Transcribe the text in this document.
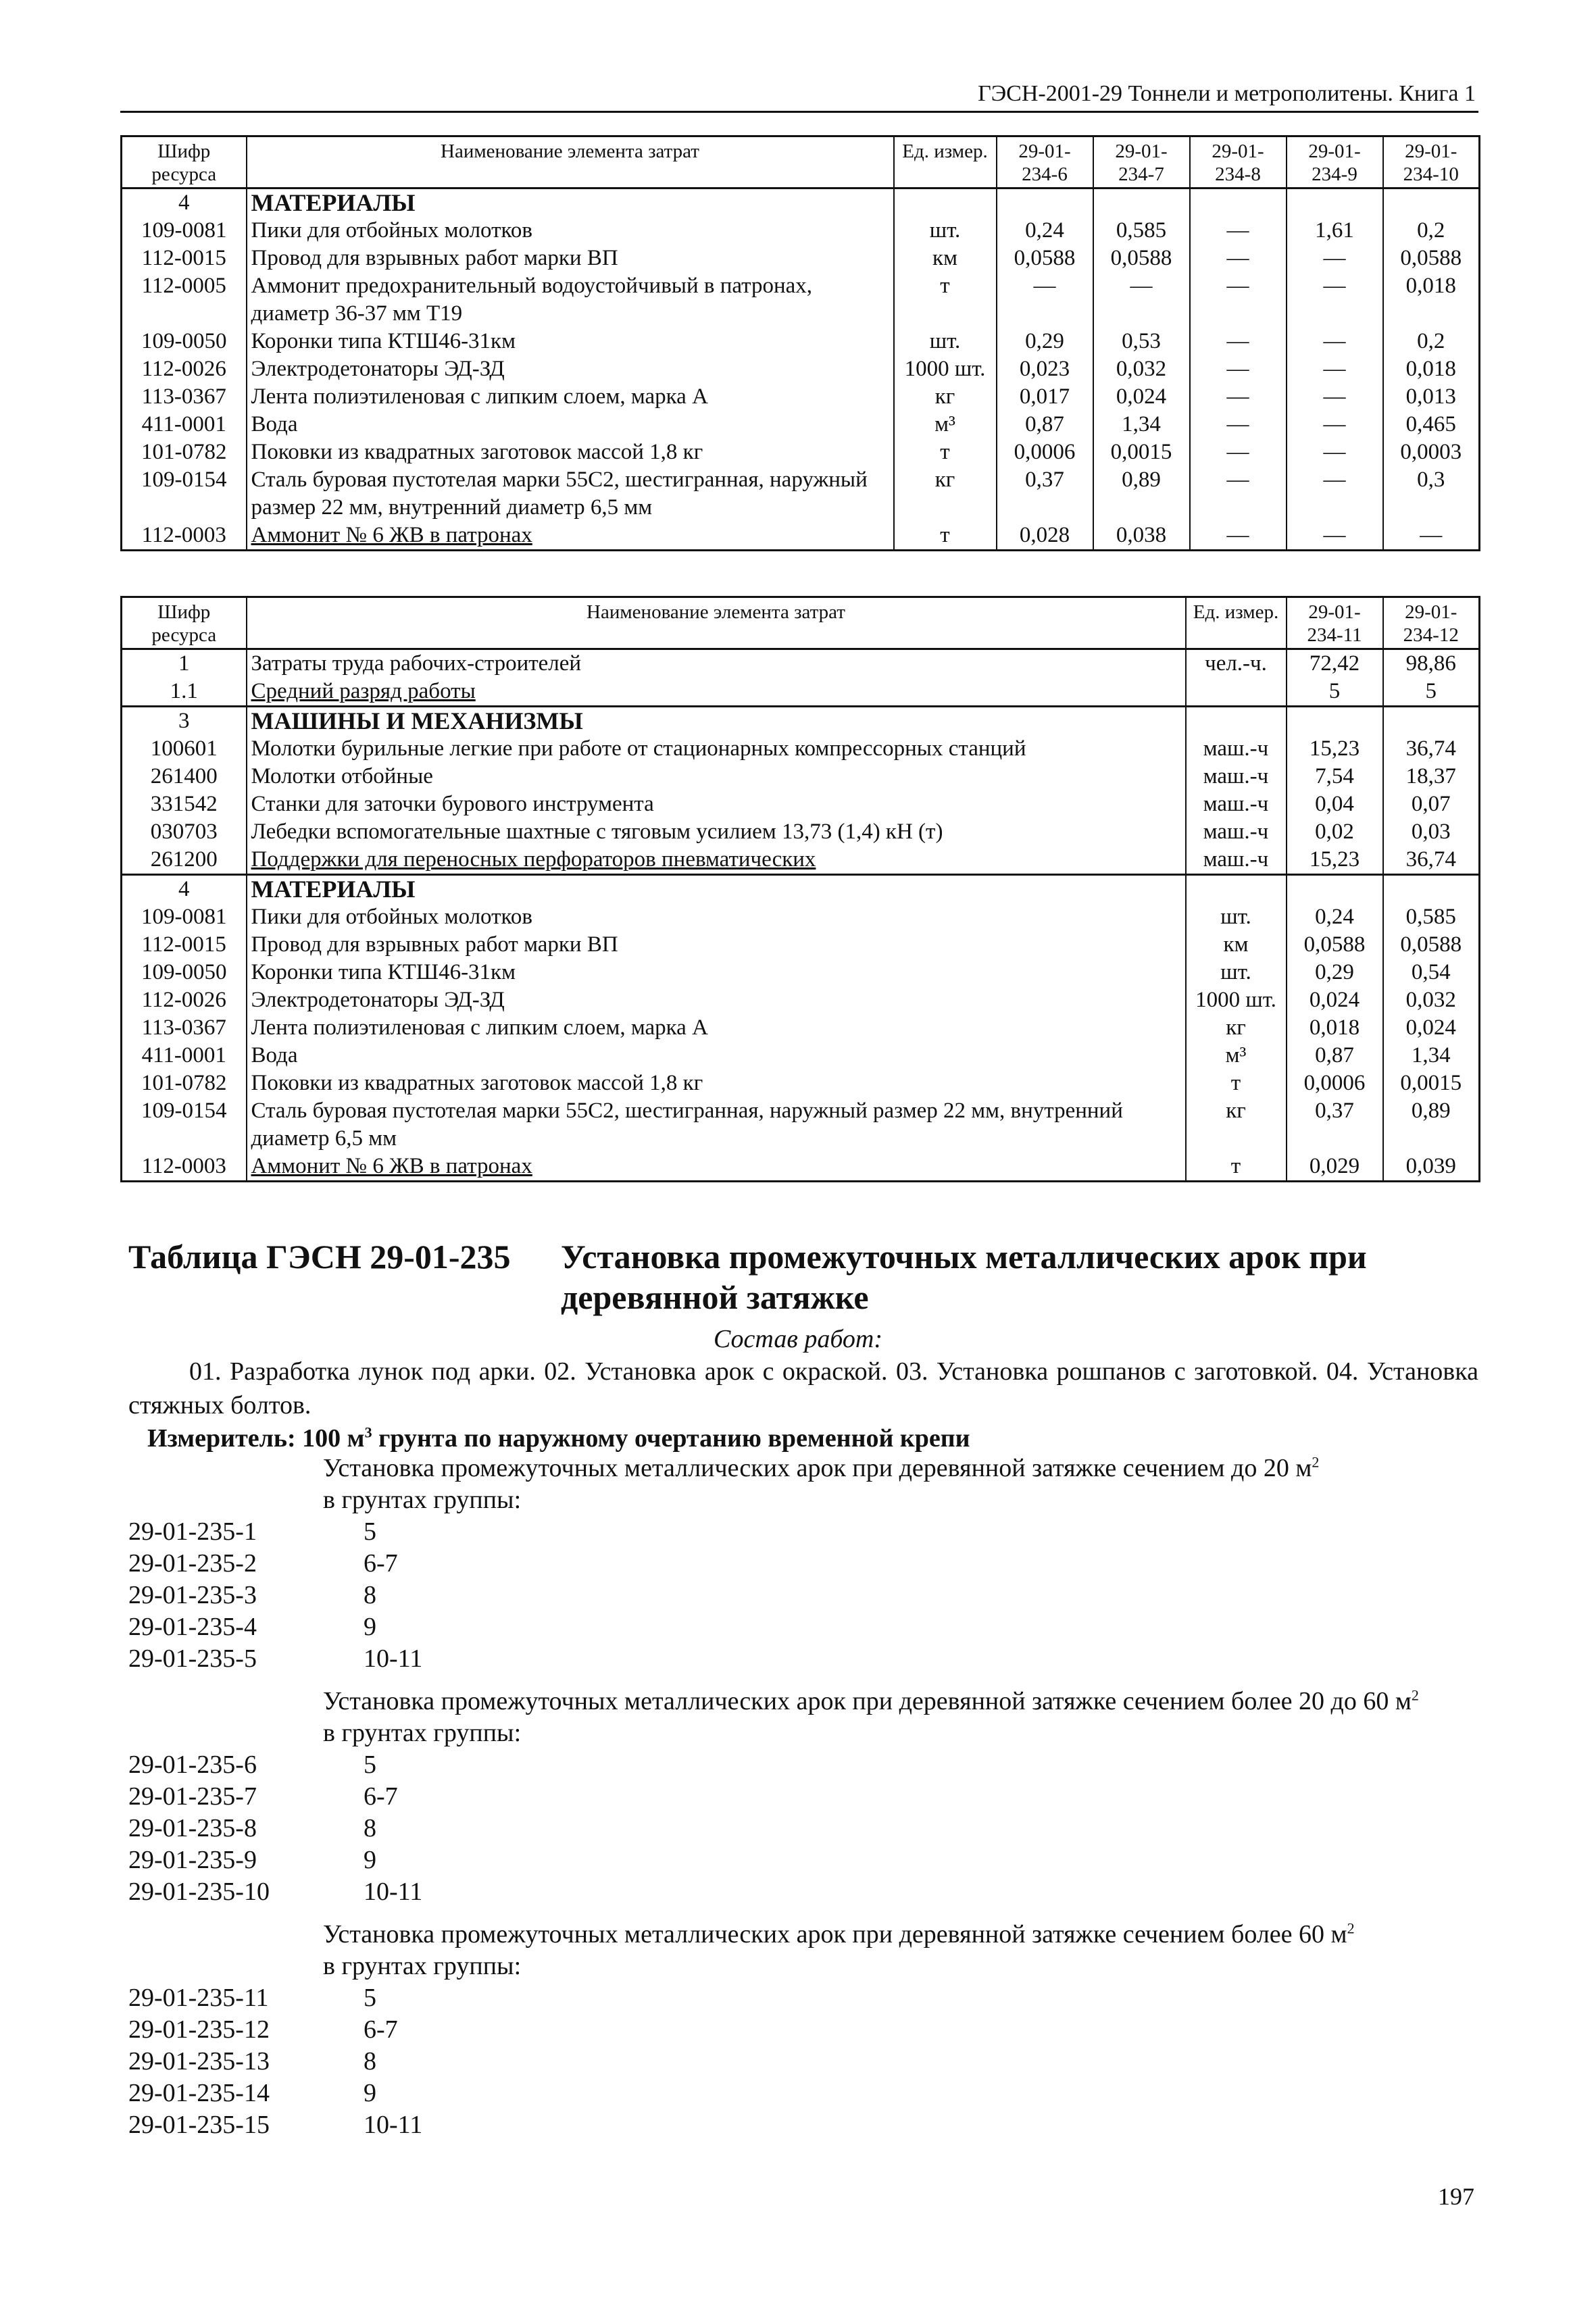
ГЭСН-2001-29 Тоннели и метрополитены. Книга 1
Шифр ресурса	Наименование элемента затрат	Ед. измер.	29-01-234-6	29-01-234-7	29-01-234-8	29-01-234-9	29-01-234-10
4	МАТЕРИАЛЫ						
109-0081	Пики для отбойных молотков	шт.	0,24	0,585	—	1,61	0,2
112-0015	Провод для взрывных работ марки ВП	км	0,0588	0,0588	—	—	0,0588
112-0005	Аммонит предохранительный водоустойчивый в патронах, диаметр 36-37 мм Т19	т	—	—	—	—	0,018
109-0050	Коронки типа КТШ46-31км	шт.	0,29	0,53	—	—	0,2
112-0026	Электродетонаторы ЭД-ЗД	1000 шт.	0,023	0,032	—	—	0,018
113-0367	Лента полиэтиленовая с липким слоем, марка А	кг	0,017	0,024	—	—	0,013
411-0001	Вода	м³	0,87	1,34	—	—	0,465
101-0782	Поковки из квадратных заготовок массой 1,8 кг	т	0,0006	0,0015	—	—	0,0003
109-0154	Сталь буровая пустотелая марки 55С2, шестигранная, наружный размер 22 мм, внутренний диаметр 6,5 мм	кг	0,37	0,89	—	—	0,3
112-0003	Аммонит № 6 ЖВ в патронах	т	0,028	0,038	—	—	—
Шифр ресурса	Наименование элемента затрат	Ед. измер.	29-01-234-11	29-01-234-12
1	Затраты труда рабочих-строителей	чел.-ч.	72,42	98,86
1.1	Средний разряд работы		5	5
3	МАШИНЫ И МЕХАНИЗМЫ			
100601	Молотки бурильные легкие при работе от стационарных компрессорных станций	маш.-ч	15,23	36,74
261400	Молотки отбойные	маш.-ч	7,54	18,37
331542	Станки для заточки бурового инструмента	маш.-ч	0,04	0,07
030703	Лебедки вспомогательные шахтные с тяговым усилием 13,73 (1,4) кН (т)	маш.-ч	0,02	0,03
261200	Поддержки для переносных перфораторов пневматических	маш.-ч	15,23	36,74
4	МАТЕРИАЛЫ			
109-0081	Пики для отбойных молотков	шт.	0,24	0,585
112-0015	Провод для взрывных работ марки ВП	км	0,0588	0,0588
109-0050	Коронки типа КТШ46-31км	шт.	0,29	0,54
112-0026	Электродетонаторы ЭД-ЗД	1000 шт.	0,024	0,032
113-0367	Лента полиэтиленовая с липким слоем, марка А	кг	0,018	0,024
411-0001	Вода	м³	0,87	1,34
101-0782	Поковки из квадратных заготовок массой 1,8 кг	т	0,0006	0,0015
109-0154	Сталь буровая пустотелая марки 55С2, шестигранная, наружный размер 22 мм, внутренний диаметр 6,5 мм	кг	0,37	0,89
112-0003	Аммонит № 6 ЖВ в патронах	т	0,029	0,039
Таблица ГЭСН 29-01-235 Установка промежуточных металлических арок при деревянной затяжке
Состав работ:
01. Разработка лунок под арки. 02. Установка арок с окраской. 03. Установка рошпанов с заготовкой. 04. Установка стяжных болтов.
Измеритель: 100 $м^3$ грунта по наружному очертанию временной крепи
Установка промежуточных металлических арок при деревянной затяжке сечением до 20 $м^2$
в грунтах группы:
29-01-235-1	5
29-01-235-2	6-7
29-01-235-3	8
29-01-235-4	9
29-01-235-5	10-11
Установка промежуточных металлических арок при деревянной затяжке сечением более 20 до 60 $м^2$
в грунтах группы:
29-01-235-6	5
29-01-235-7	6-7
29-01-235-8	8
29-01-235-9	9
29-01-235-10	10-11
Установка промежуточных металлических арок при деревянной затяжке сечением более 60 $м^2$
в грунтах группы:
29-01-235-11	5
29-01-235-12	6-7
29-01-235-13	8
29-01-235-14	9
29-01-235-15	10-11
197
